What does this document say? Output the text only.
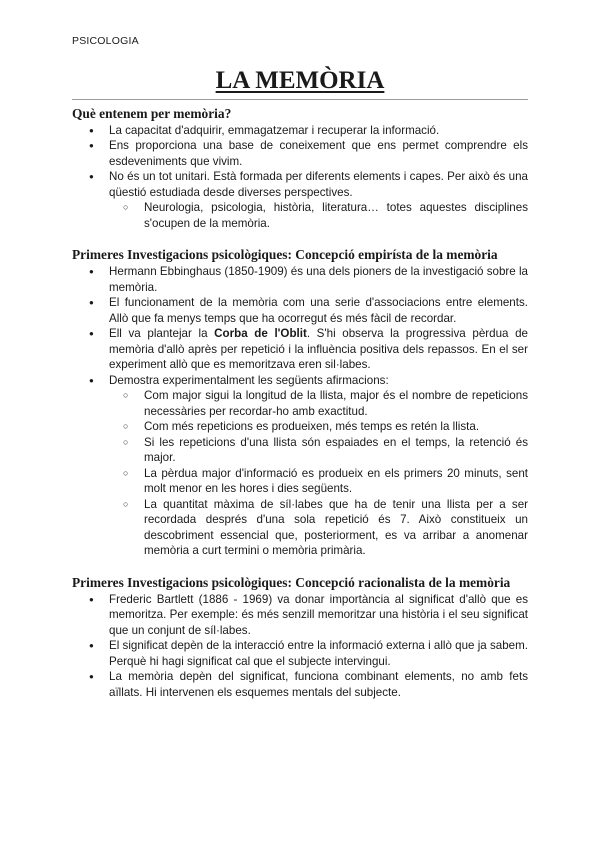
PSICOLOGIA
LA MEMÒRIA
Què entenem per memòria?
● La capacitat d'adquirir, emmagatzemar i recuperar la informació.
● Ens proporciona una base de coneixement que ens permet comprendre els esdeveniments que vivim.
● No és un tot unitari. Està formada per diferents elements i capes. Per això és una qüestió estudiada desde diverses perspectives.
○ Neurologia, psicologia, història, literatura… totes aquestes disciplines s'ocupen de la memòria.
Primeres Investigacions psicològiques: Concepció empirísta de la memòria
● Hermann Ebbinghaus (1850-1909) és una dels pioners de la investigació sobre la memòria.
● El funcionament de la memòria com una serie d'associacions entre elements. Allò que fa menys temps que ha ocorregut és més fàcil de recordar.
● Ell va plantejar la Corba de l'Oblit. S'hi observa la progressiva pèrdua de memòria d'allò après per repetició i la influència positiva dels repassos. En el ser experiment allò que es memoritzava eren sil·labes.
● Demostra experimentalment les següents afirmacions:
○ Com major sigui la longitud de la llista, major és el nombre de repeticions necessàries per recordar-ho amb exactitud.
○ Com més repeticions es produeixen, més temps es retén la llista.
○ Si les repeticions d'una llista són espaiades en el temps, la retenció és major.
○ La pèrdua major d'informació es produeix en els primers 20 minuts, sent molt menor en les hores i dies següents.
○ La quantitat màxima de síl·labes que ha de tenir una llista per a ser recordada després d'una sola repetició és 7. Això constitueix un descobriment essencial que, posteriorment, es va arribar a anomenar memòria a curt termini o memòria primària.
Primeres Investigacions psicològiques: Concepció racionalista de la memòria
● Frederic Bartlett (1886 - 1969) va donar importància al significat d'allò que es memoritza. Per exemple: és més senzill memoritzar una història i el seu significat que un conjunt de síl·labes.
● El significat depèn de la interacció entre la informació externa i allò que ja sabem. Perquè hi hagi significat cal que el subjecte intervingui.
● La memòria depèn del significat, funciona combinant elements, no amb fets aïllats. Hi intervenen els esquemes mentals del subjecte.
